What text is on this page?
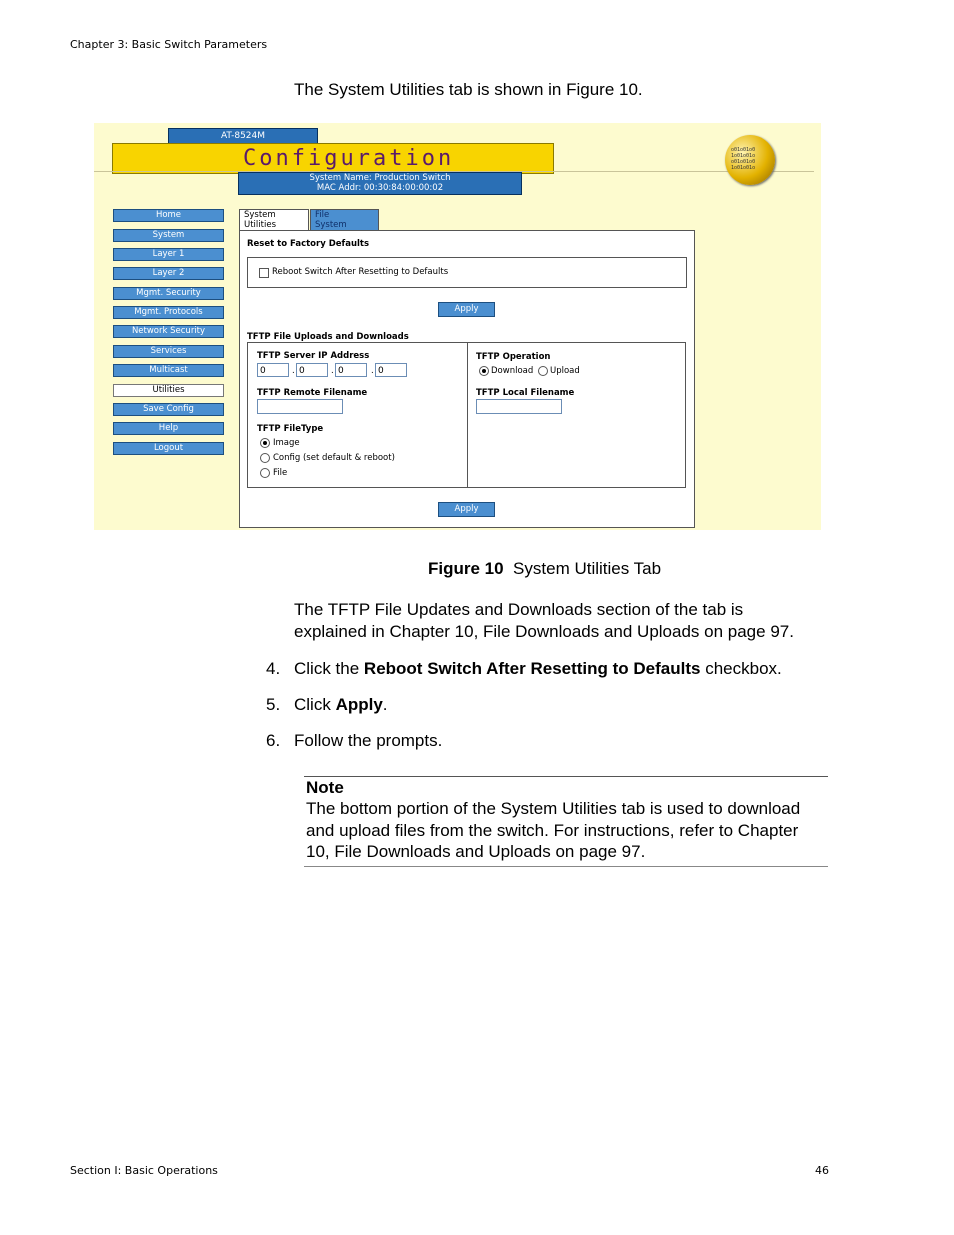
Chapter 3: Basic Switch Parameters
The System Utilities tab is shown in Figure 10.
AT-8524M
Configuration
System Name: Production Switch
MAC Addr: 00:30:84:00:00:02
o01o01o0 1o01o01o o01o01o0 1o01o01o
Home
System
Layer 1
Layer 2
Mgmt. Security
Mgmt. Protocols
Network Security
Services
Multicast
Utilities
Save Config
Help
Logout
System
Utilities
File
System
Reset to Factory Defaults
Reboot Switch After Resetting to Defaults
Apply
TFTP File Uploads and Downloads
TFTP Server IP Address
0	. 0	. 0	. 0
TFTP Remote Filename
TFTP FileType
Image
Config (set default & reboot)
File
TFTP Operation
Download Upload
TFTP Local Filename
Apply
Figure 10 System Utilities Tab
The TFTP File Updates and Downloads section of the tab is
explained in Chapter 10, File Downloads and Uploads on page 97.
4. Click the Reboot Switch After Resetting to Defaults checkbox.
5. Click Apply.
6. Follow the prompts.
Note
The bottom portion of the System Utilities tab is used to download
and upload files from the switch. For instructions, refer to Chapter
10, File Downloads and Uploads on page 97.
Section I: Basic Operations	46
